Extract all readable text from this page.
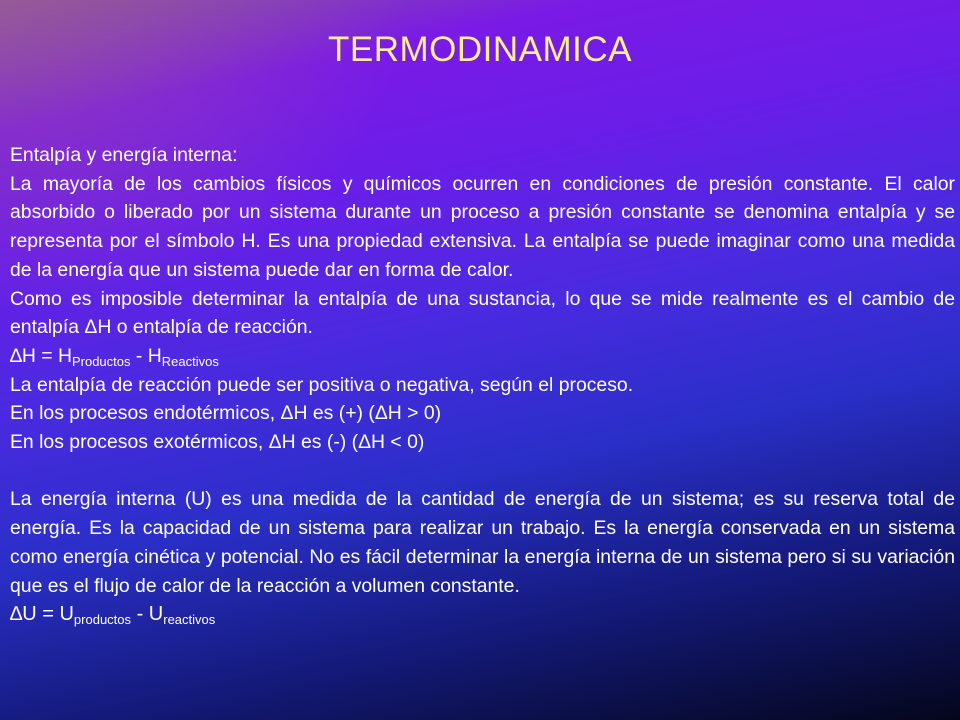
TERMODINAMICA

Entalpía y energía interna:

La mayoría de los cambios físicos y químicos ocurren en condiciones de presión constante. El calor absorbido o liberado por un sistema durante un proceso a presión constante se denomina entalpía y se representa por el símbolo H. Es una propiedad extensiva. La entalpía se puede imaginar como una medida de la energía que un sistema puede dar en forma de calor.

Como es imposible determinar la entalpía de una sustancia, lo que se mide realmente es el cambio de entalpía ΔH o entalpía de reacción.

$\Delta H = H_{Productos} - H_{Reactivos}$

La entalpía de reacción puede ser positiva o negativa, según el proceso.

En los procesos endotérmicos, ΔH es (+) (ΔH > 0)

En los procesos exotérmicos, ΔH es (-) (ΔH < 0)

La energía interna (U) es una medida de la cantidad de energía de un sistema; es su reserva total de energía. Es la capacidad de un sistema para realizar un trabajo. Es la energía conservada en un sistema como energía cinética y potencial. No es fácil determinar la energía interna de un sistema pero si su variación que es el flujo de calor de la reacción a volumen constante.

$\Delta U = U_{productos} - U_{reactivos}$
